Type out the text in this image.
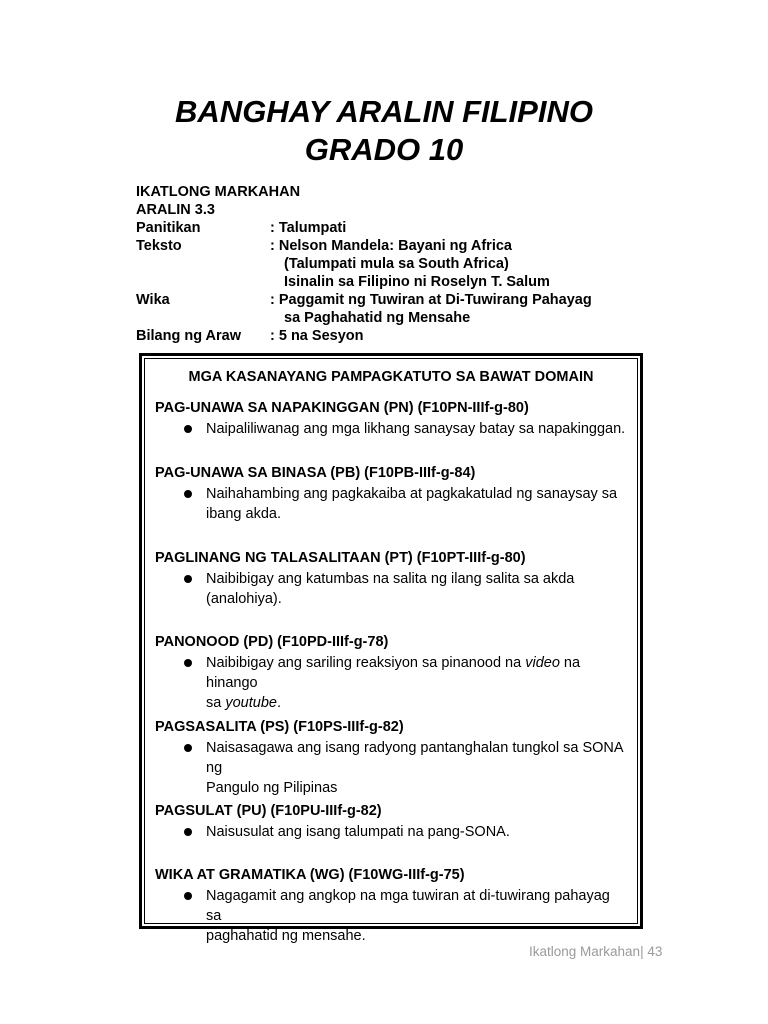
BANGHAY ARALIN FILIPINO
GRADO 10
IKATLONG MARKAHAN
ARALIN 3.3
Panitikan	: Talumpati
Teksto	: Nelson Mandela: Bayani ng Africa
(Talumpati mula sa South Africa)
Isinalin sa Filipino ni Roselyn T. Salum
Wika	: Paggamit ng Tuwiran at Di-Tuwirang Pahayag
sa Paghahatid ng Mensahe
Bilang ng Araw	: 5 na Sesyon
MGA KASANAYANG PAMPAGKATUTO SA BAWAT DOMAIN
PAG-UNAWA SA NAPAKINGGAN (PN) (F10PN-IIIf-g-80)
Naipaliliwanag ang mga likhang sanaysay batay sa napakinggan.
PAG-UNAWA SA BINASA (PB) (F10PB-IIIf-g-84)
Naihahambing ang pagkakaiba at pagkakatulad ng sanaysay sa
ibang akda.
PAGLINANG NG TALASALITAAN (PT) (F10PT-IIIf-g-80)
Naibibigay ang katumbas na salita ng ilang salita sa akda
(analohiya).
PANONOOD (PD) (F10PD-IIIf-g-78)
Naibibigay ang sariling reaksiyon sa pinanood na video na hinango
sa youtube.
PAGSASALITA (PS) (F10PS-IIIf-g-82)
Naisasagawa ang isang radyong pantanghalan tungkol sa SONA ng
Pangulo ng Pilipinas
PAGSULAT (PU) (F10PU-IIIf-g-82)
Naisusulat ang isang talumpati na pang-SONA.
WIKA AT GRAMATIKA (WG) (F10WG-IIIf-g-75)
Nagagamit ang angkop na mga tuwiran at di-tuwirang pahayag sa
paghahatid ng mensahe.
Ikatlong Markahan| 43
